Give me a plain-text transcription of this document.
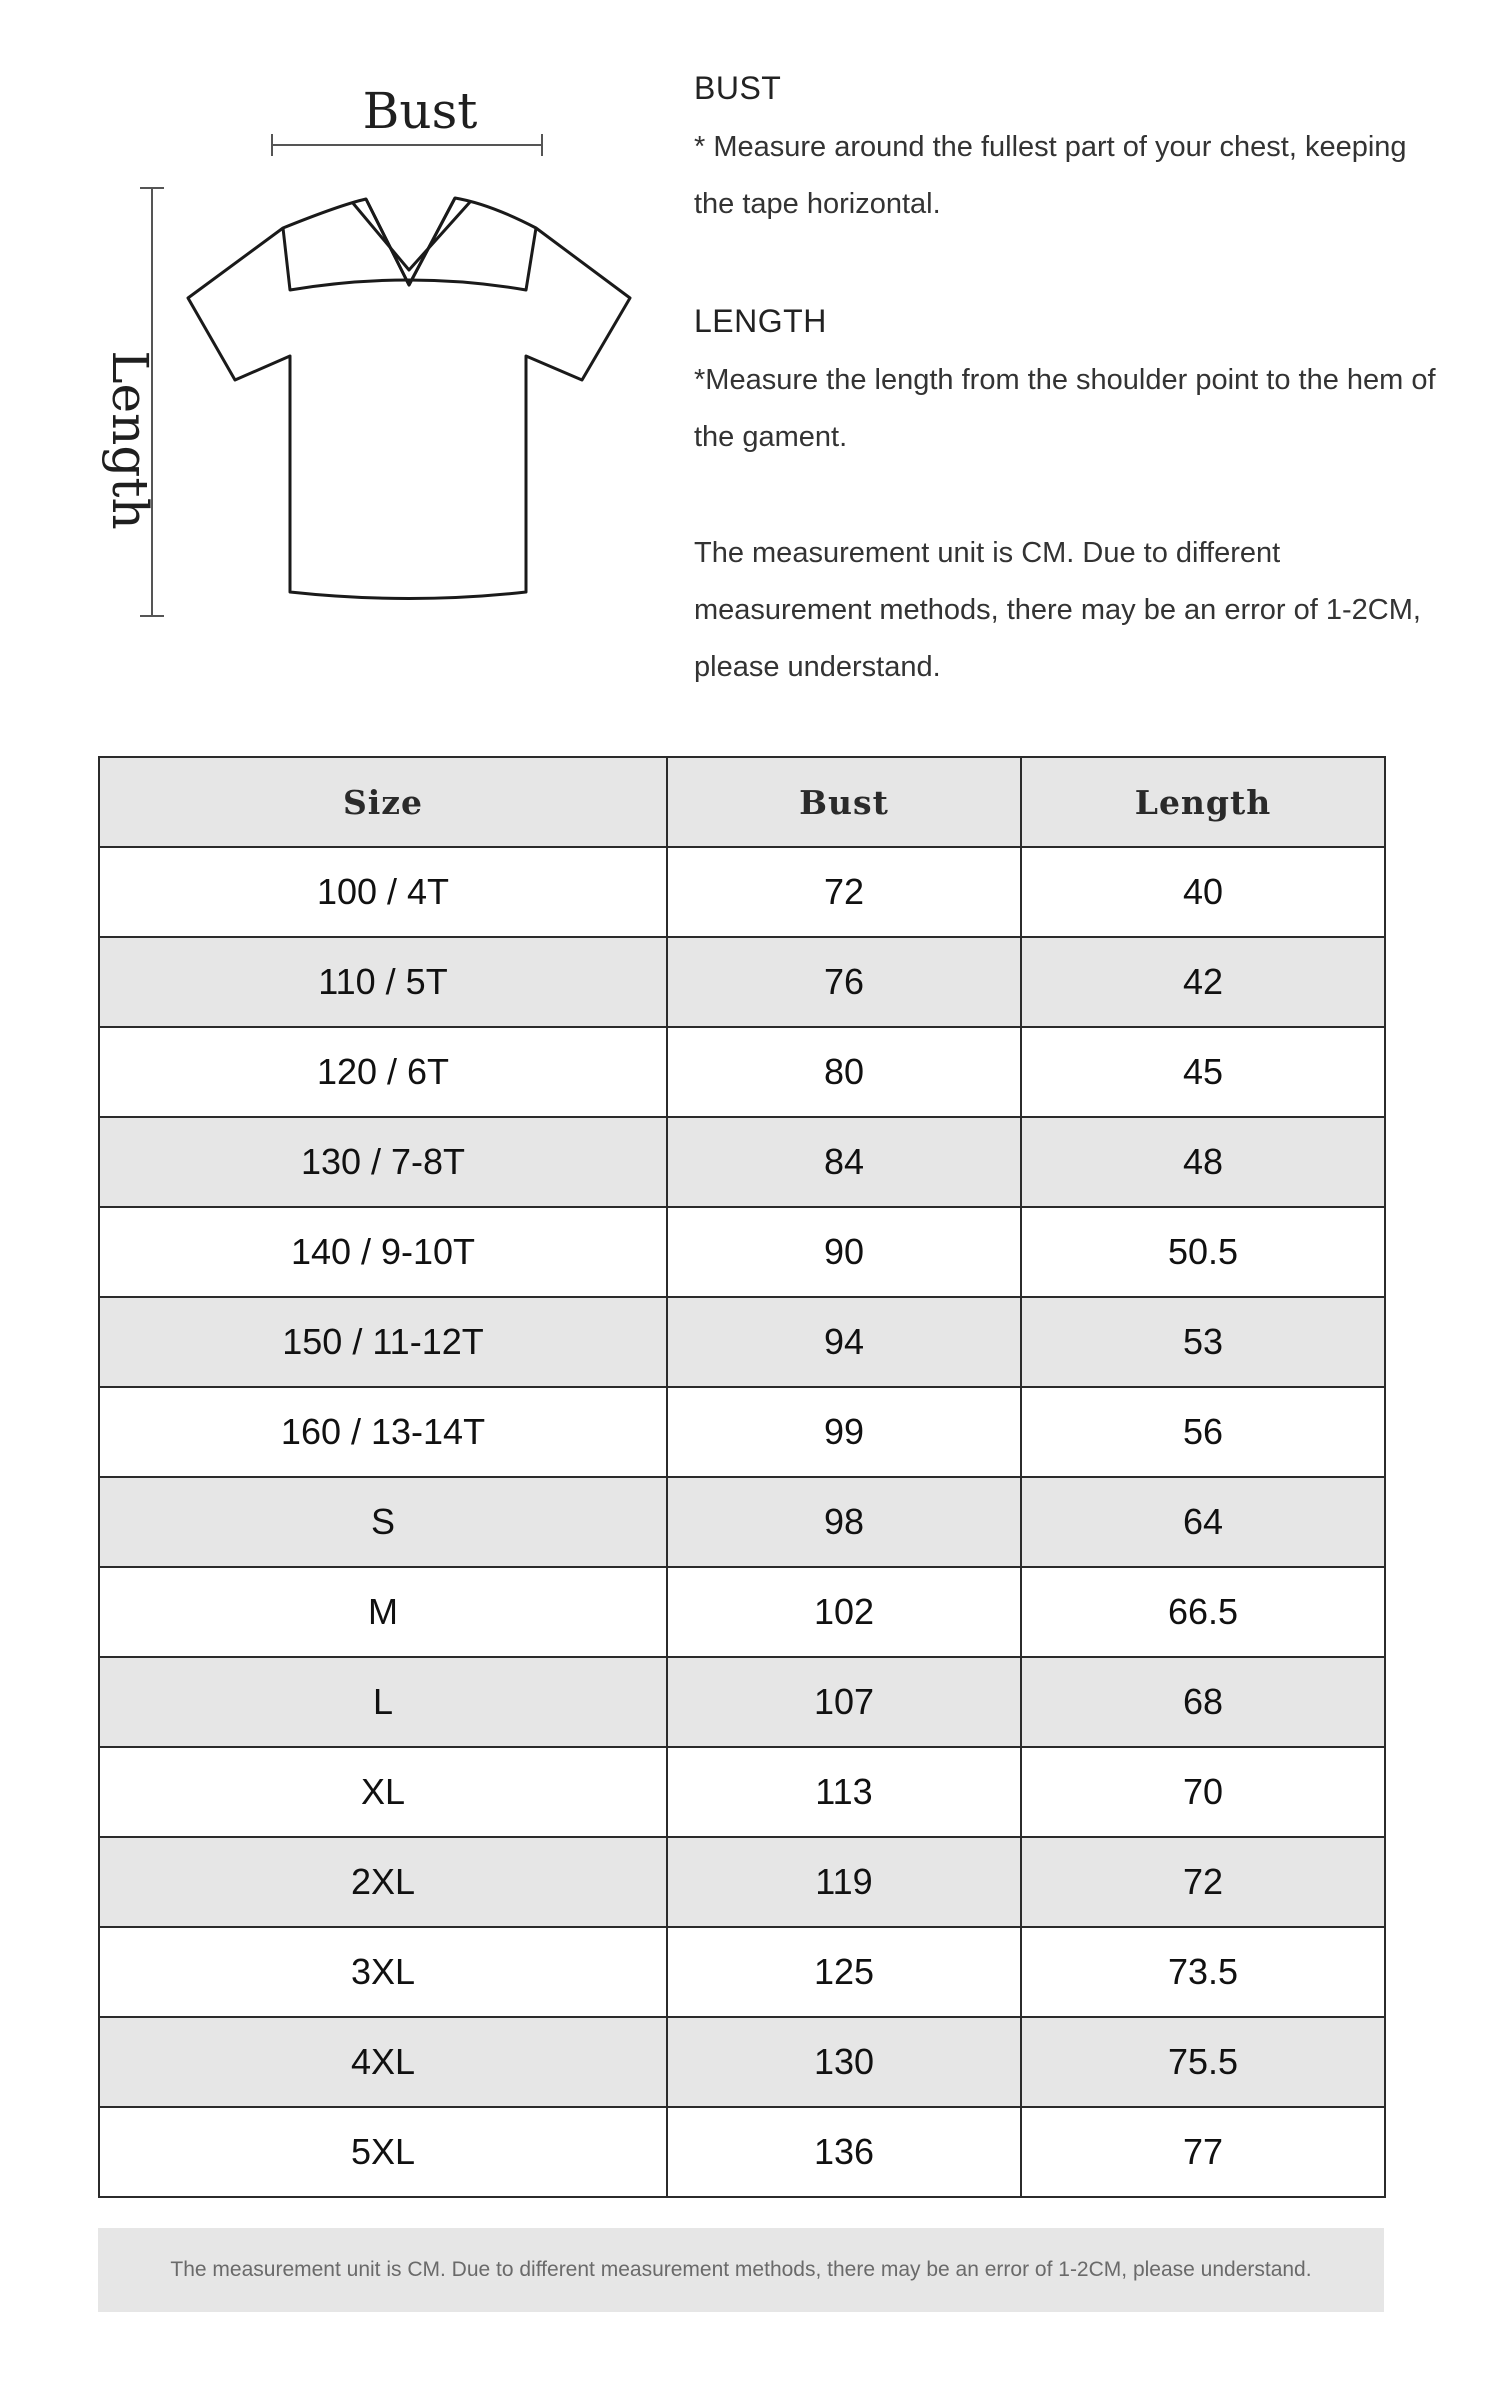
Bust
Length
BUST

* Measure around the fullest part of your chest, keeping the tape horizontal.

LENGTH

*Measure the length from the shoulder point to the hem of the gament.

The measurement unit is CM. Due to different measurement methods, there may be an error of 1-2CM, please understand.

Size	Bust	Length
100 / 4T	72	40
110 / 5T	76	42
120 / 6T	80	45
130 / 7-8T	84	48
140 / 9-10T	90	50.5
150 / 11-12T	94	53
160 / 13-14T	99	56
S	98	64
M	102	66.5
L	107	68
XL	113	70
2XL	119	72
3XL	125	73.5
4XL	130	75.5
5XL	136	77
The measurement unit is CM. Due to different measurement methods, there may be an error of 1-2CM, please understand.
